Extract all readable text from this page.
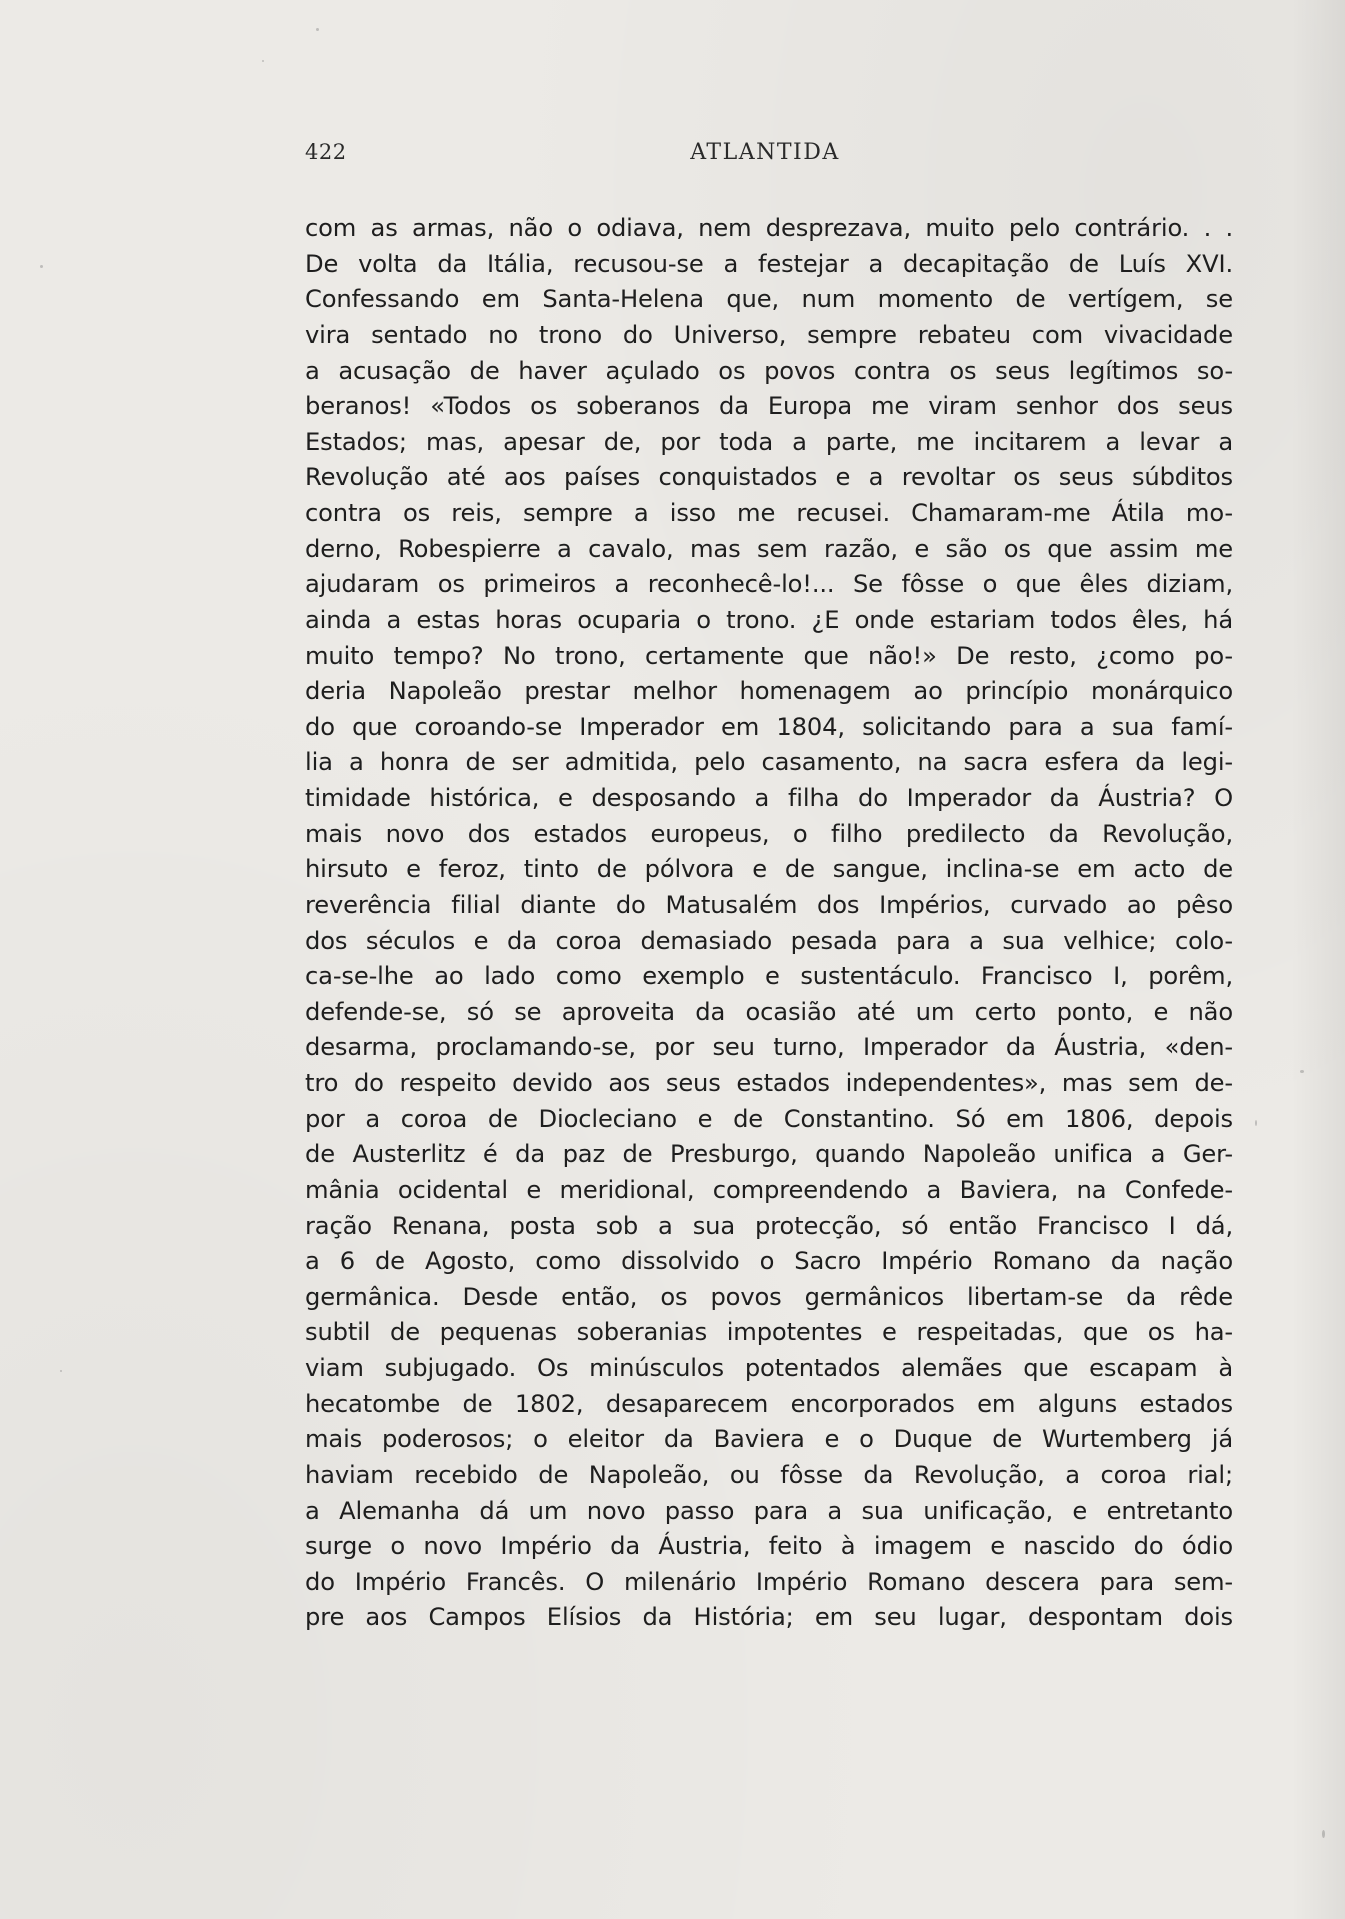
422	ATLANTIDA
com as armas, não o odiava, nem desprezava, muito pelo contrário. . .
De volta da Itália, recusou-se a festejar a decapitação de Luís XVI.
Confessando em Santa-Helena que, num momento de vertígem, se
vira sentado no trono do Universo, sempre rebateu com vivacidade
a acusação de haver açulado os povos contra os seus legítimos so-
beranos! «Todos os soberanos da Europa me viram senhor dos seus
Estados; mas, apesar de, por toda a parte, me incitarem a levar a
Revolução até aos países conquistados e a revoltar os seus súbditos
contra os reis, sempre a isso me recusei. Chamaram-me Átila mo-
derno, Robespierre a cavalo, mas sem razão, e são os que assim me
ajudaram os primeiros a reconhecê-lo!... Se fôsse o que êles diziam,
ainda a estas horas ocuparia o trono. ¿E onde estariam todos êles, há
muito tempo? No trono, certamente que não!» De resto, ¿como po-
deria Napoleão prestar melhor homenagem ao princípio monárquico
do que coroando-se Imperador em 1804, solicitando para a sua famí-
lia a honra de ser admitida, pelo casamento, na sacra esfera da legi-
timidade histórica, e desposando a filha do Imperador da Áustria? O
mais novo dos estados europeus, o filho predilecto da Revolução,
hirsuto e feroz, tinto de pólvora e de sangue, inclina-se em acto de
reverência filial diante do Matusalém dos Impérios, curvado ao pêso
dos séculos e da coroa demasiado pesada para a sua velhice; colo-
ca-se-lhe ao lado como exemplo e sustentáculo. Francisco I, porêm,
defende-se, só se aproveita da ocasião até um certo ponto, e não
desarma, proclamando-se, por seu turno, Imperador da Áustria, «den-
tro do respeito devido aos seus estados independentes», mas sem de-
por a coroa de Diocleciano e de Constantino. Só em 1806, depois
de Austerlitz é da paz de Presburgo, quando Napoleão unifica a Ger-
mânia ocidental e meridional, compreendendo a Baviera, na Confede-
ração Renana, posta sob a sua protecção, só então Francisco I dá,
a 6 de Agosto, como dissolvido o Sacro Império Romano da nação
germânica. Desde então, os povos germânicos libertam-se da rêde
subtil de pequenas soberanias impotentes e respeitadas, que os ha-
viam subjugado. Os minúsculos potentados alemães que escapam à
hecatombe de 1802, desaparecem encorporados em alguns estados
mais poderosos; o eleitor da Baviera e o Duque de Wurtemberg já
haviam recebido de Napoleão, ou fôsse da Revolução, a coroa rial;
a Alemanha dá um novo passo para a sua unificação, e entretanto
surge o novo Império da Áustria, feito à imagem e nascido do ódio
do Império Francês. O milenário Império Romano descera para sem-
pre aos Campos Elísios da História; em seu lugar, despontam dois
